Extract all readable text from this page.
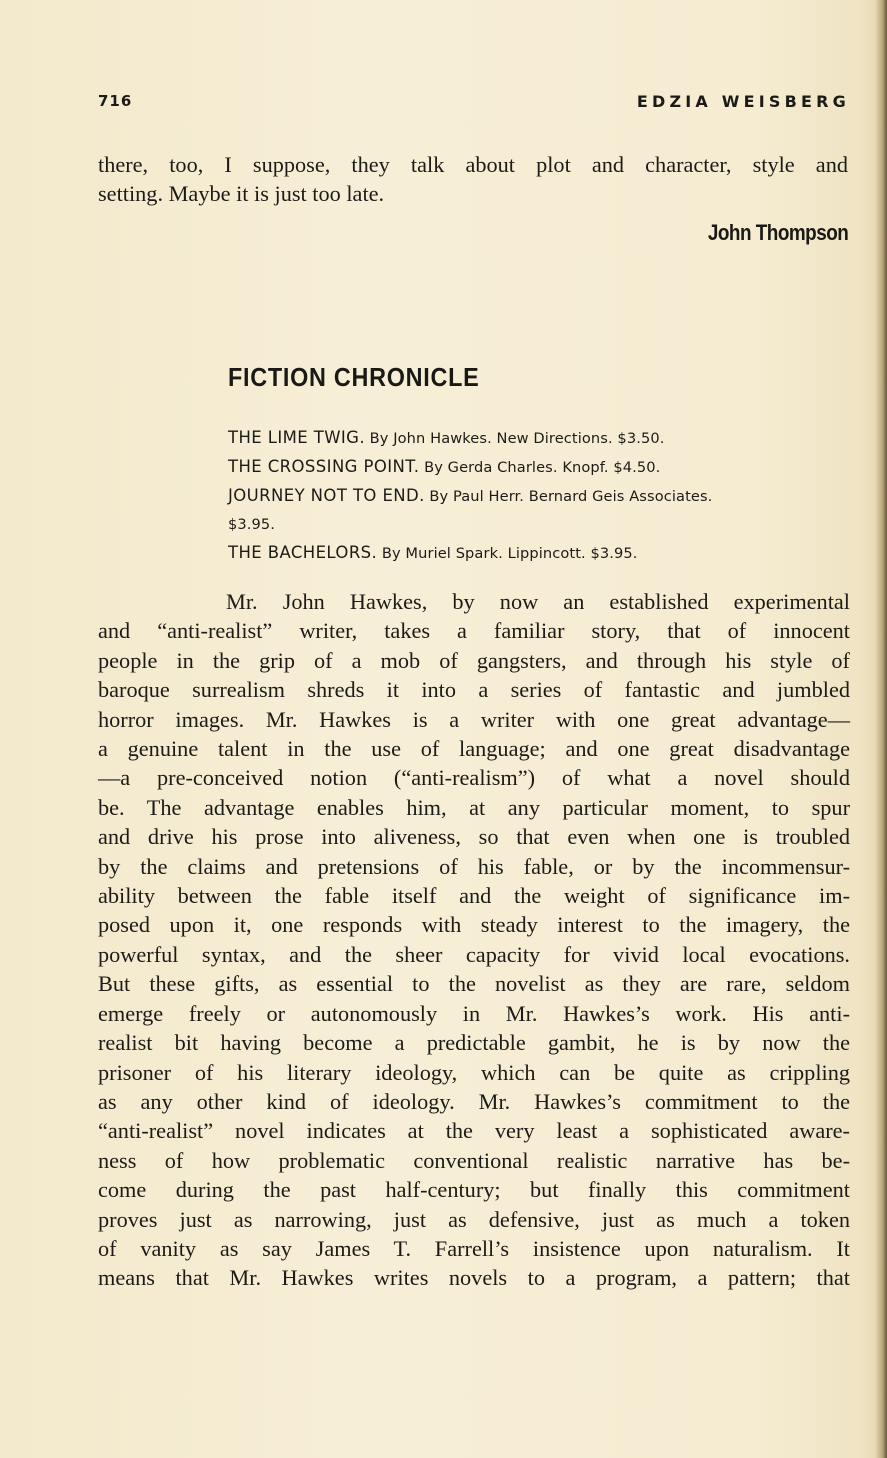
716	EDZIA WEISBERG

there, too, I suppose, they talk about plot and character, style and

setting. Maybe it is just too late.

John Thompson
FICTION CHRONICLE
THE LIME TWIG. By John Hawkes. New Directions. $3.50.
THE CROSSING POINT. By Gerda Charles. Knopf. $4.50.
JOURNEY NOT TO END. By Paul Herr. Bernard Geis Associates.
$3.95.
THE BACHELORS. By Muriel Spark. Lippincott. $3.95.

Mr. John Hawkes, by now an established experimental

and “anti-realist” writer, takes a familiar story, that of innocent

people in the grip of a mob of gangsters, and through his style of

baroque surrealism shreds it into a series of fantastic and jumbled

horror images. Mr. Hawkes is a writer with one great advantage—

a genuine talent in the use of language; and one great disadvantage

—a pre-conceived notion (“anti-realism”) of what a novel should

be. The advantage enables him, at any particular moment, to spur

and drive his prose into aliveness, so that even when one is troubled

by the claims and pretensions of his fable, or by the incommensur-

ability between the fable itself and the weight of significance im-

posed upon it, one responds with steady interest to the imagery, the

powerful syntax, and the sheer capacity for vivid local evocations.

But these gifts, as essential to the novelist as they are rare, seldom

emerge freely or autonomously in Mr. Hawkes’s work. His anti-

realist bit having become a predictable gambit, he is by now the

prisoner of his literary ideology, which can be quite as crippling

as any other kind of ideology. Mr. Hawkes’s commitment to the

“anti-realist” novel indicates at the very least a sophisticated aware-

ness of how problematic conventional realistic narrative has be-

come during the past half-century; but finally this commitment

proves just as narrowing, just as defensive, just as much a token

of vanity as say James T. Farrell’s insistence upon naturalism. It

means that Mr. Hawkes writes novels to a program, a pattern; that
